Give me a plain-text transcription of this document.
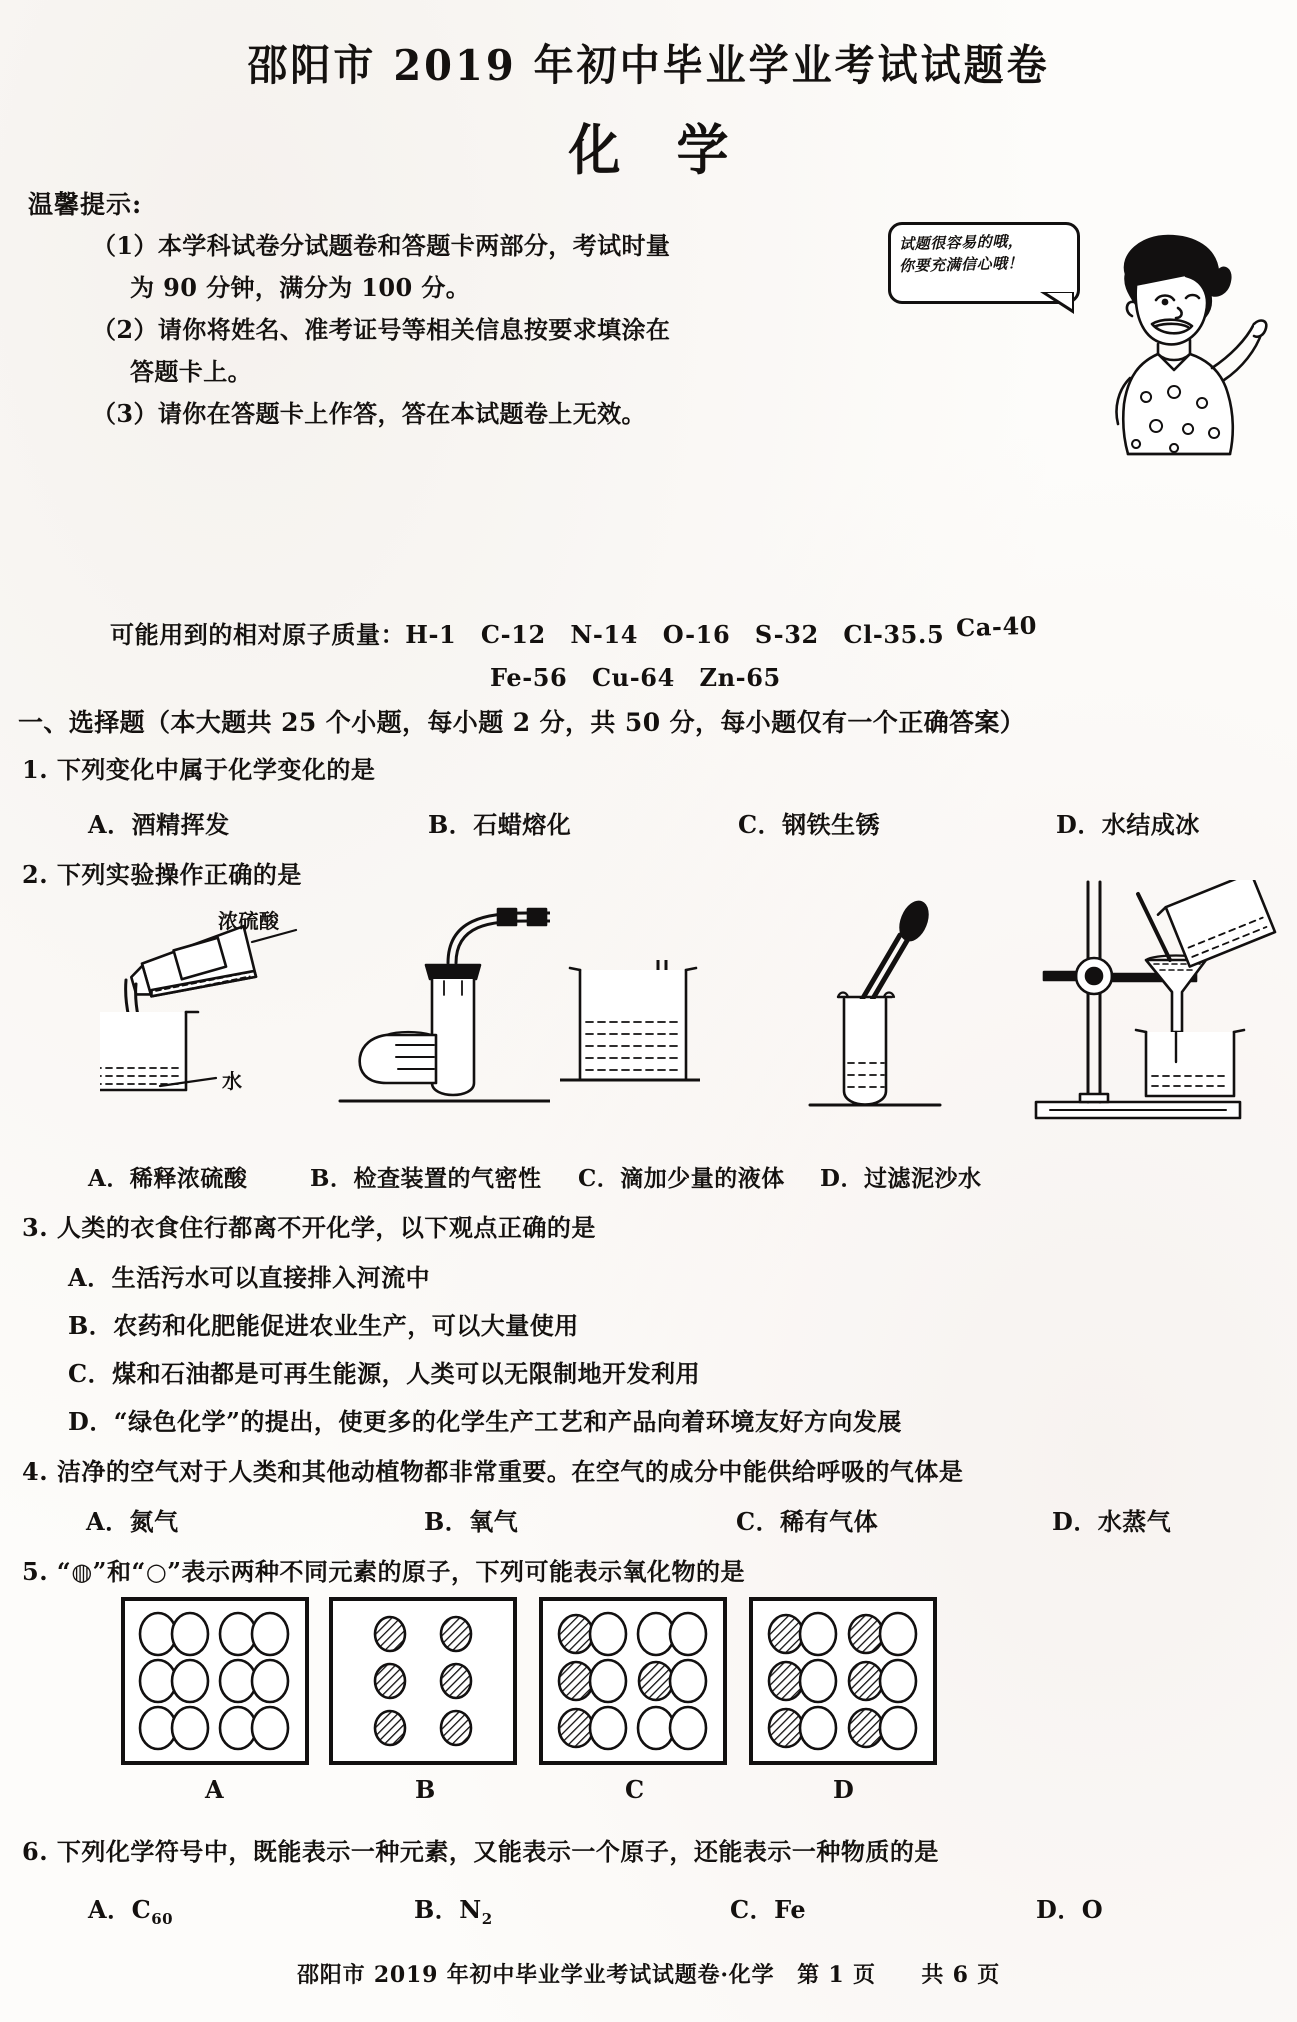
邵阳市 2019 年初中毕业学业考试试题卷
化学
温馨提示:
（1）本学科试卷分试题卷和答题卡两部分，考试时量
为 90 分钟，满分为 100 分。
（2）请你将姓名、准考证号等相关信息按要求填涂在
答题卡上。
（3）请你在答题卡上作答，答在本试题卷上无效。
试题很容易的哦，
你要充满信心哦！
可能用到的相对原子质量：H-1　C-12　N-14　O-16　S-32　Cl-35.5 Ca-40
Fe-56　Cu-64　Zn-65
一、选择题（本大题共 25 个小题，每小题 2 分，共 50 分，每小题仅有一个正确答案）
1. 下列变化中属于化学变化的是
A．酒精挥发	B．石蜡熔化	C．钢铁生锈	D．水结成冰
2. 下列实验操作正确的是
浓硫酸
水
A．稀释浓硫酸	B．检查装置的气密性 C．滴加少量的液体 D．过滤泥沙水
3. 人类的衣食住行都离不开化学，以下观点正确的是
A．生活污水可以直接排入河流中
B．农药和化肥能促进农业生产，可以大量使用
C．煤和石油都是可再生能源，人类可以无限制地开发利用
D．“绿色化学”的提出，使更多的化学生产工艺和产品向着环境友好方向发展
4. 洁净的空气对于人类和其他动植物都非常重要。在空气的成分中能供给呼吸的气体是
A．氮气	B．氧气	C．稀有气体	D．水蒸气
5. “◍”和“○”表示两种不同元素的原子，下列可能表示氧化物的是
A	B	C	D
6. 下列化学符号中，既能表示一种元素，又能表示一个原子，还能表示一种物质的是
A．$C_{60}$	B．$N_2$	C．Fe	D．O
邵阳市 2019 年初中毕业学业考试试题卷·化学　第 1 页　　共 6 页
